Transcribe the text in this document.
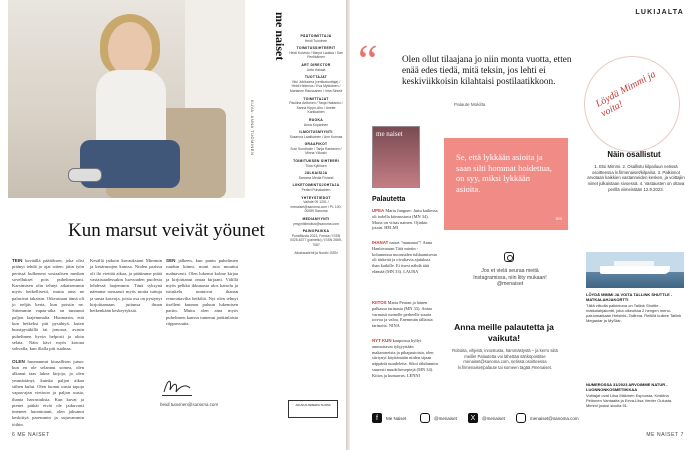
KUVA: ANNA TUOMINEN
Kun marsut veivät yöunet
TEIN keväällä päätöksen, joka olisi pitänyt tehdä jo ajat sitten: jätin työn perässä kulkeneet sosiaalisen median sovellukset pois puhelimestani. Karsimisen olin tehnyt aikaisemmin myös hetkellisesti, mutta aina ne palasivat takaisin. Oikeastaan tämä oli jo neljäs kerta, kun poistin ne. Sittemmin vapaa-aika on tuntunut paljon laajemmalta. Huomasin, että kun hetkeksi piti pysähtyä, kuten bussipysäkillä tai jonossa, avasin puhelimen hyvin helposti ja aloin selata. Näin kävi myös kotona sohvalla, kun illalla piti istahtaa.

OLEN huomannut kiusallisen jutun: kun en ole selannut somea, olen alkanut taas lukea kirjoja, ja olen ymmärtänyt, kuinka paljon aikaa siihen kului. Olen luonut uusia tapoja vapaa-ajan viettoon ja paljon uusia, ihania harrastuksia. Kun kuvat ja pienet pätkät eivät ole jatkuvasti imeneet huomiotani, olen jaksanut keskittyä paremmin ja sujuvammin töihin.
Kesällä jatkoin kuvauksiani Mimmin ja kesärunojen kanssa. Niiden parissa oli ilo viettää aikaa, ja päätimme pitää vastaisuudessakin luovuuden puolesta lehdessä laajemmin. Tänä syksynä näemme runsaasti myös muita tuttuja ja uusia kasvoja, joista osa on pystynyt kirjoittamaan juttunsa ilman hetkenkään keskeytyksiä.
SEN jälkeen, kun panin puhelimen ruudun kiinni, moni asia muuttui mahtavasti. Olen lukenut kolme kirjaa ja kirjoittanut omaa kirjaani. Välillä myös pelkkä ikkunasta ulos katselu ja istuskelu tuntuivat ihanan rentouttavilta hetkiltä. Nyt olen tehnyt itselleni kunnon paluun lukemisen pariin. Mutta olen aina myös puhelimen kanssa tuntenut jonkinlaista riippuvuutta.
heidi.tuovinen@sanoma.com
6 ME NAISET
me naiset	PÄÄTOIMITTAJA
Heidi Tuovinen
TOIMITUSSIHTEERIT
Heidi Koivisto / Marjut Laukka / Sari Pentikäinen
ART DIRECTOR
Jutta Hakala
TUOTTAJAT
Viivi Jokiluoma (verkkotuottaja) / Heidi Helenius / Eva Mykkänen / Marianne Raussanen / Irina Sirkeä
TOIMITTAJAT
Pauliina Anttonen / Tanja Hakanko / Sanna Kippo-Aho / Anette Karkkainen
RUOKA
Anna Kuparinen
ILMOITUSMYYNTI
Susanna Laatikainen / Ann Kunnas
GRAAFIKOT
Suvi Sundholm / Tanja Rantanen / Minna Ylikoski
TOIMITUKSEN SIHTEERI
Tiina Kyllönen
JULKAISIJA
Sanoma Media Finland
LIIKETOIMINTOJOHTAJA
Petteri Puhakainen
YHTEYSTIEDOT
Vaihde 09 1201 / menaiset@sanoma.com / PL 100, 00089 Sanoma
MEDIAMYYNTI
ymyyntiilmoitus@sanoma.com
PAINOPAIKKA
PunaMusta 2023, Forssa / ISSN 0025-6377 (painettu) / ISSN 2669-7087
Aikakauslehti ja Nordic ISSN
AIKAKAUSMEDIA SUOMI
LUKIJALTA
“	Olen ollut tilaajana jo niin monta vuotta, etten enää edes tiedä, mitä teksin, jos lehti ei keskiviikkoisin kilahtaisi postilaatikkoon.
Palaute Mokilta
me naiset
Se, että lykkään asioita ja saan silti hommat hoidettua, on syy, miksi lykkään asioita.
mn
Palautetta
UPEA Maria Jungner: Juttu kaikessa oli todella kiinnostava (MN 34). Maria on viisas nainen. Ojinkin jotain. HELMI
IHANAT naiset "mummot"! Anna Hanhivaaran Tätä mietin -kolumnissa nuoruuden tuhlaamisesta oli tärkeitä ja oivaltavia ajatuksia ihan kaikille. Ei itsesi nähdä tätä elämää (MN 33). LAURA
KIITOS Maria Peuran ja hänen palkassa tarinasta (MN 33). Antaa varmasti monelle perheelle suurta toivoa ja valoa. Enemmän tällaisia tarinoita. NINA
NYT KUN kaupoissa hyllyt ammottavat tyhjyyttään makaroneista ja pikapastoista, olen siirtynyt käyttämään niiden sijaan näppäriä nuudeleita. Sikoi tähdunniin suuresti nuudelireseptejä (MN 34). Kiitos ja kumarrus. LENNI
Jos et vielä seuraa meitä Instagramissa, niin liity mukaan! @menaiset
Anna meille palautetta ja vaikuta!
Roboita, vihjeitä, innostusta, hämmästystä – ja kerro siitä meille! Palautetta voi lähettää sähköpostitse menaiset@sanoma.com, netissä osoitteessa lv.fi/menaiset/palaute tai someen tägää #menaiset.
f	Me Naiset	@menaiset	X	@menaiset	menaiset@sanoma.com
Löydä Mimmi ja voita!
Näin osallistut
1. Etsi Mimmi. 2. Osallistu kilpailuun netissä osoitteessa lv.fi/menaiset/kilpailut. 3. Palkinnot arvotaan kaikkien vastanneiden kesken, ja voittajiin niinet julkaistaan sivoessä. 4. Vastausten on oltava perillä viimeistään 12.9.2023.
LÖYDÄ MIMMI JA VOITA TALLINK SHUTTLE -MATKALAHJAKORTTI
Tällä viikolla palkintona on Tallink Shuttle -matkalahjakortti, joka oikeuttaa 2 hengen meno-paluumatkaan Helsinki–Tallinna. Reitillä kulkee Tallink Megastar ja MyStar.
NUMEROSSA 31/2023 ARVOIMME NATUR -LUONNONKOSMETIIKKAA
Voittajat ovat Liisa Mäkinen Espoosta, Kristiina Peltonen Vantaalta ja Eeva-Liisa Venter Oulusta. Mimmi jooksi sivulla 51.
ME NAISET 7
